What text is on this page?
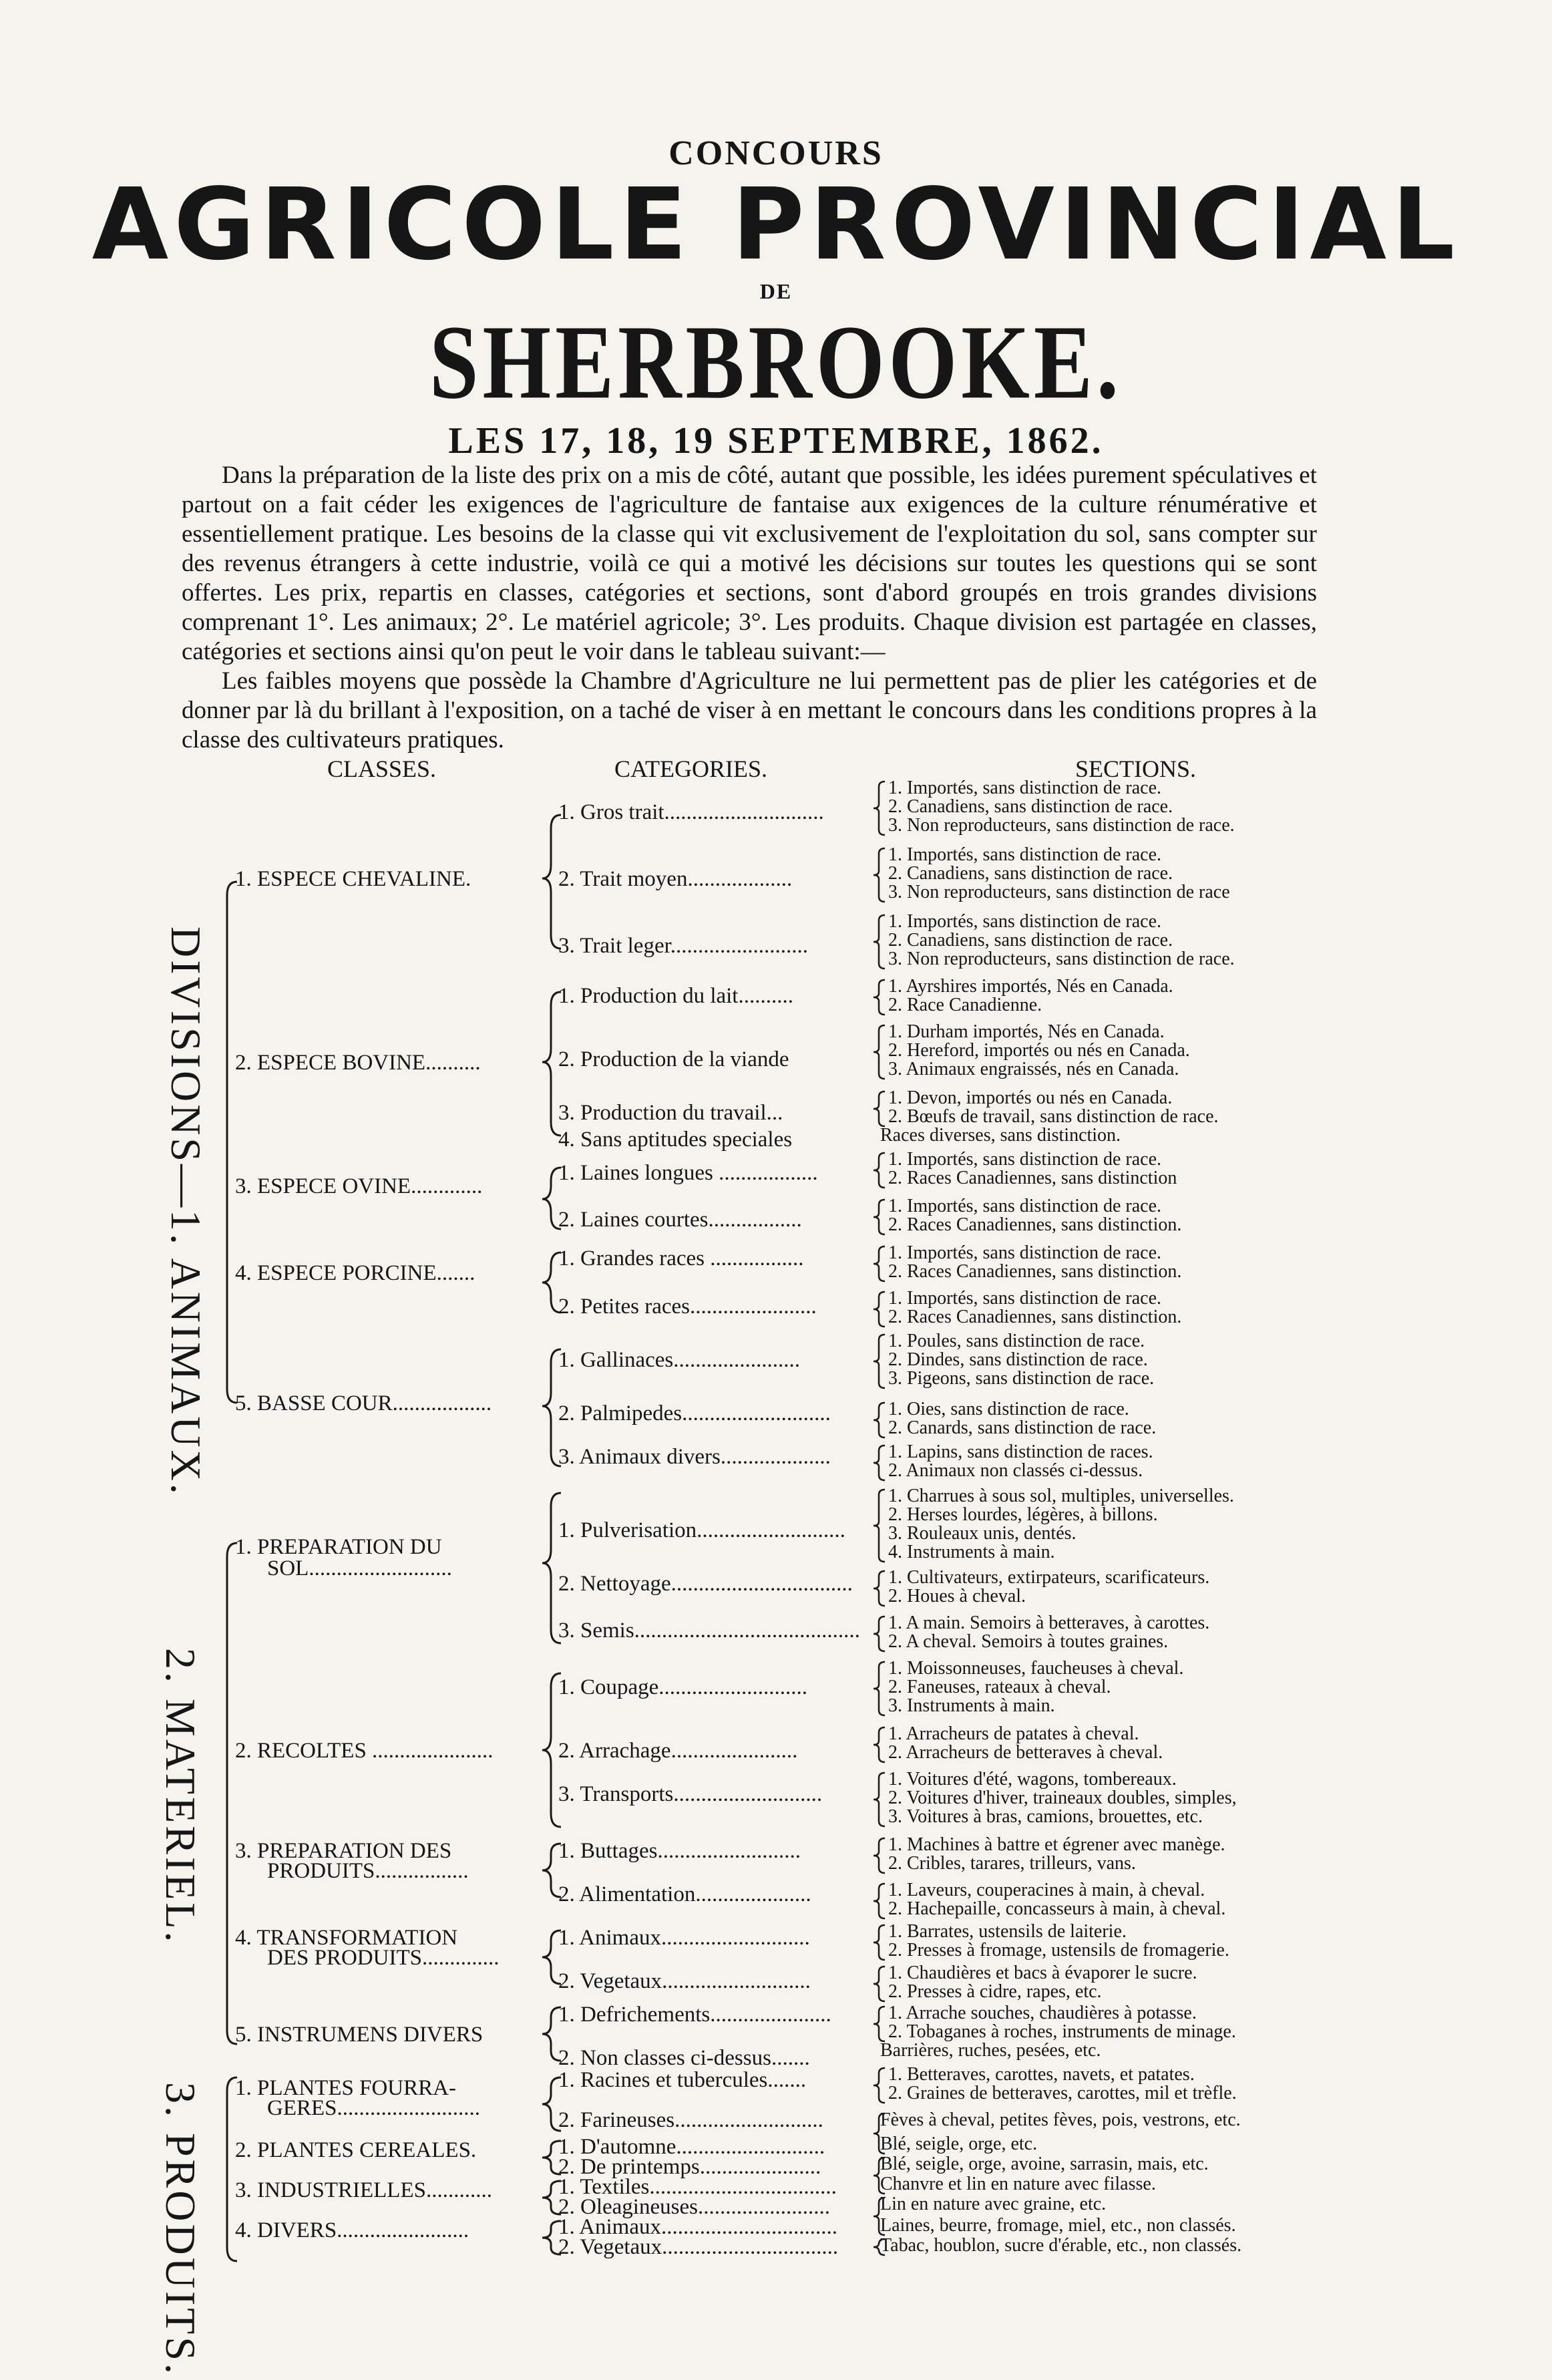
CONCOURS
AGRICOLE PROVINCIAL
DE
SHERBROOKE.
LES 17, 18, 19 SEPTEMBRE, 1862.

Dans la préparation de la liste des prix on a mis de côté, autant que possible, les idées purement spéculatives et partout on a fait céder les exigences de l'agriculture de fantaise aux exigences de la culture rénumérative et essentiellement pratique. Les besoins de la classe qui vit exclusivement de l'exploitation du sol, sans compter sur des revenus étrangers à cette industrie, voilà ce qui a motivé les décisions sur toutes les questions qui se sont offertes. Les prix, repartis en classes, catégories et sections, sont d'abord groupés en trois grandes divisions comprenant 1°. Les animaux; 2°. Le matériel agricole; 3°. Les produits. Chaque division est partagée en classes, catégories et sections ainsi qu'on peut le voir dans le tableau suivant:—

Les faibles moyens que possède la Chambre d'Agriculture ne lui permettent pas de plier les catégories et de donner par là du brillant à l'exposition, on a taché de viser à en mettant le concours dans les conditions propres à la classe des cultivateurs pratiques.

CLASSES.	CATEGORIES.	SECTIONS.
DIVISIONS—1. ANIMAUX.
2. MATERIEL.
3. PRODUITS.
1. ESPECE CHEVALINE.
2. ESPECE BOVINE..........
3. ESPECE OVINE.............
4. ESPECE PORCINE.......
5. BASSE COUR..................
1. PREPARATION DU
SOL..........................
2. RECOLTES ......................
3. PREPARATION DES
PRODUITS.................
4. TRANSFORMATION
DES PRODUITS..............
5. INSTRUMENS DIVERS
1. PLANTES FOURRA-
GERES..........................
2. PLANTES CEREALES.
3. INDUSTRIELLES............
4. DIVERS........................
1. Gros trait.............................
2. Trait moyen...................
3. Trait leger.........................
1. Production du lait..........
2. Production de la viande
3. Production du travail...
4. Sans aptitudes speciales
1. Laines longues ..................
2. Laines courtes.................
1. Grandes races .................
2. Petites races.......................
1. Gallinaces.......................
2. Palmipedes...........................
3. Animaux divers....................
1. Pulverisation...........................
2. Nettoyage.................................
3. Semis.........................................
1. Coupage...........................
2. Arrachage.......................
3. Transports...........................
1. Buttages..........................
2. Alimentation.....................
1. Animaux...........................
2. Vegetaux...........................
1. Defrichements......................
2. Non classes ci-dessus.......
1. Racines et tubercules.......
2. Farineuses...........................
1. D'automne...........................
2. De printemps......................
1. Textiles..................................
2. Oleagineuses........................
1. Animaux................................
2. Vegetaux................................
1. Importés, sans distinction de race.
2. Canadiens, sans distinction de race.
3. Non reproducteurs, sans distinction de race.
1. Importés, sans distinction de race.
2. Canadiens, sans distinction de race.
3. Non reproducteurs, sans distinction de race
1. Importés, sans distinction de race.
2. Canadiens, sans distinction de race.
3. Non reproducteurs, sans distinction de race.
1. Ayrshires importés, Nés en Canada.
2. Race Canadienne.
1. Durham importés, Nés en Canada.
2. Hereford, importés ou nés en Canada.
3. Animaux engraissés, nés en Canada.
1. Devon, importés ou nés en Canada.
2. Bœufs de travail, sans distinction de race.
Races diverses, sans distinction.
1. Importés, sans distinction de race.
2. Races Canadiennes, sans distinction
1. Importés, sans distinction de race.
2. Races Canadiennes, sans distinction.
1. Importés, sans distinction de race.
2. Races Canadiennes, sans distinction.
1. Importés, sans distinction de race.
2. Races Canadiennes, sans distinction.
1. Poules, sans distinction de race.
2. Dindes, sans distinction de race.
3. Pigeons, sans distinction de race.
1. Oies, sans distinction de race.
2. Canards, sans distinction de race.
1. Lapins, sans distinction de races.
2. Animaux non classés ci-dessus.
1. Charrues à sous sol, multiples, universelles.
2. Herses lourdes, légères, à billons.
3. Rouleaux unis, dentés.
4. Instruments à main.
1. Cultivateurs, extirpateurs, scarificateurs.
2. Houes à cheval.
1. A main. Semoirs à betteraves, à carottes.
2. A cheval. Semoirs à toutes graines.
1. Moissonneuses, faucheuses à cheval.
2. Faneuses, rateaux à cheval.
3. Instruments à main.
1. Arracheurs de patates à cheval.
2. Arracheurs de betteraves à cheval.
1. Voitures d'été, wagons, tombereaux.
2. Voitures d'hiver, traineaux doubles, simples,
3. Voitures à bras, camions, brouettes, etc.
1. Machines à battre et égrener avec manège.
2. Cribles, tarares, trilleurs, vans.
1. Laveurs, couperacines à main, à cheval.
2. Hachepaille, concasseurs à main, à cheval.
1. Barrates, ustensils de laiterie.
2. Presses à fromage, ustensils de fromagerie.
1. Chaudières et bacs à évaporer le sucre.
2. Presses à cidre, rapes, etc.
1. Arrache souches, chaudières à potasse.
2. Tobaganes à roches, instruments de minage.
Barrières, ruches, pesées, etc.
1. Betteraves, carottes, navets, et patates.
2. Graines de betteraves, carottes, mil et trèfle.
Fèves à cheval, petites fèves, pois, vestrons, etc.
Blé, seigle, orge, etc.
Blé, seigle, orge, avoine, sarrasin, mais, etc.
Chanvre et lin en nature avec filasse.
Lin en nature avec graine, etc.
Laines, beurre, fromage, miel, etc., non classés.
Tabac, houblon, sucre d'érable, etc., non classés.
